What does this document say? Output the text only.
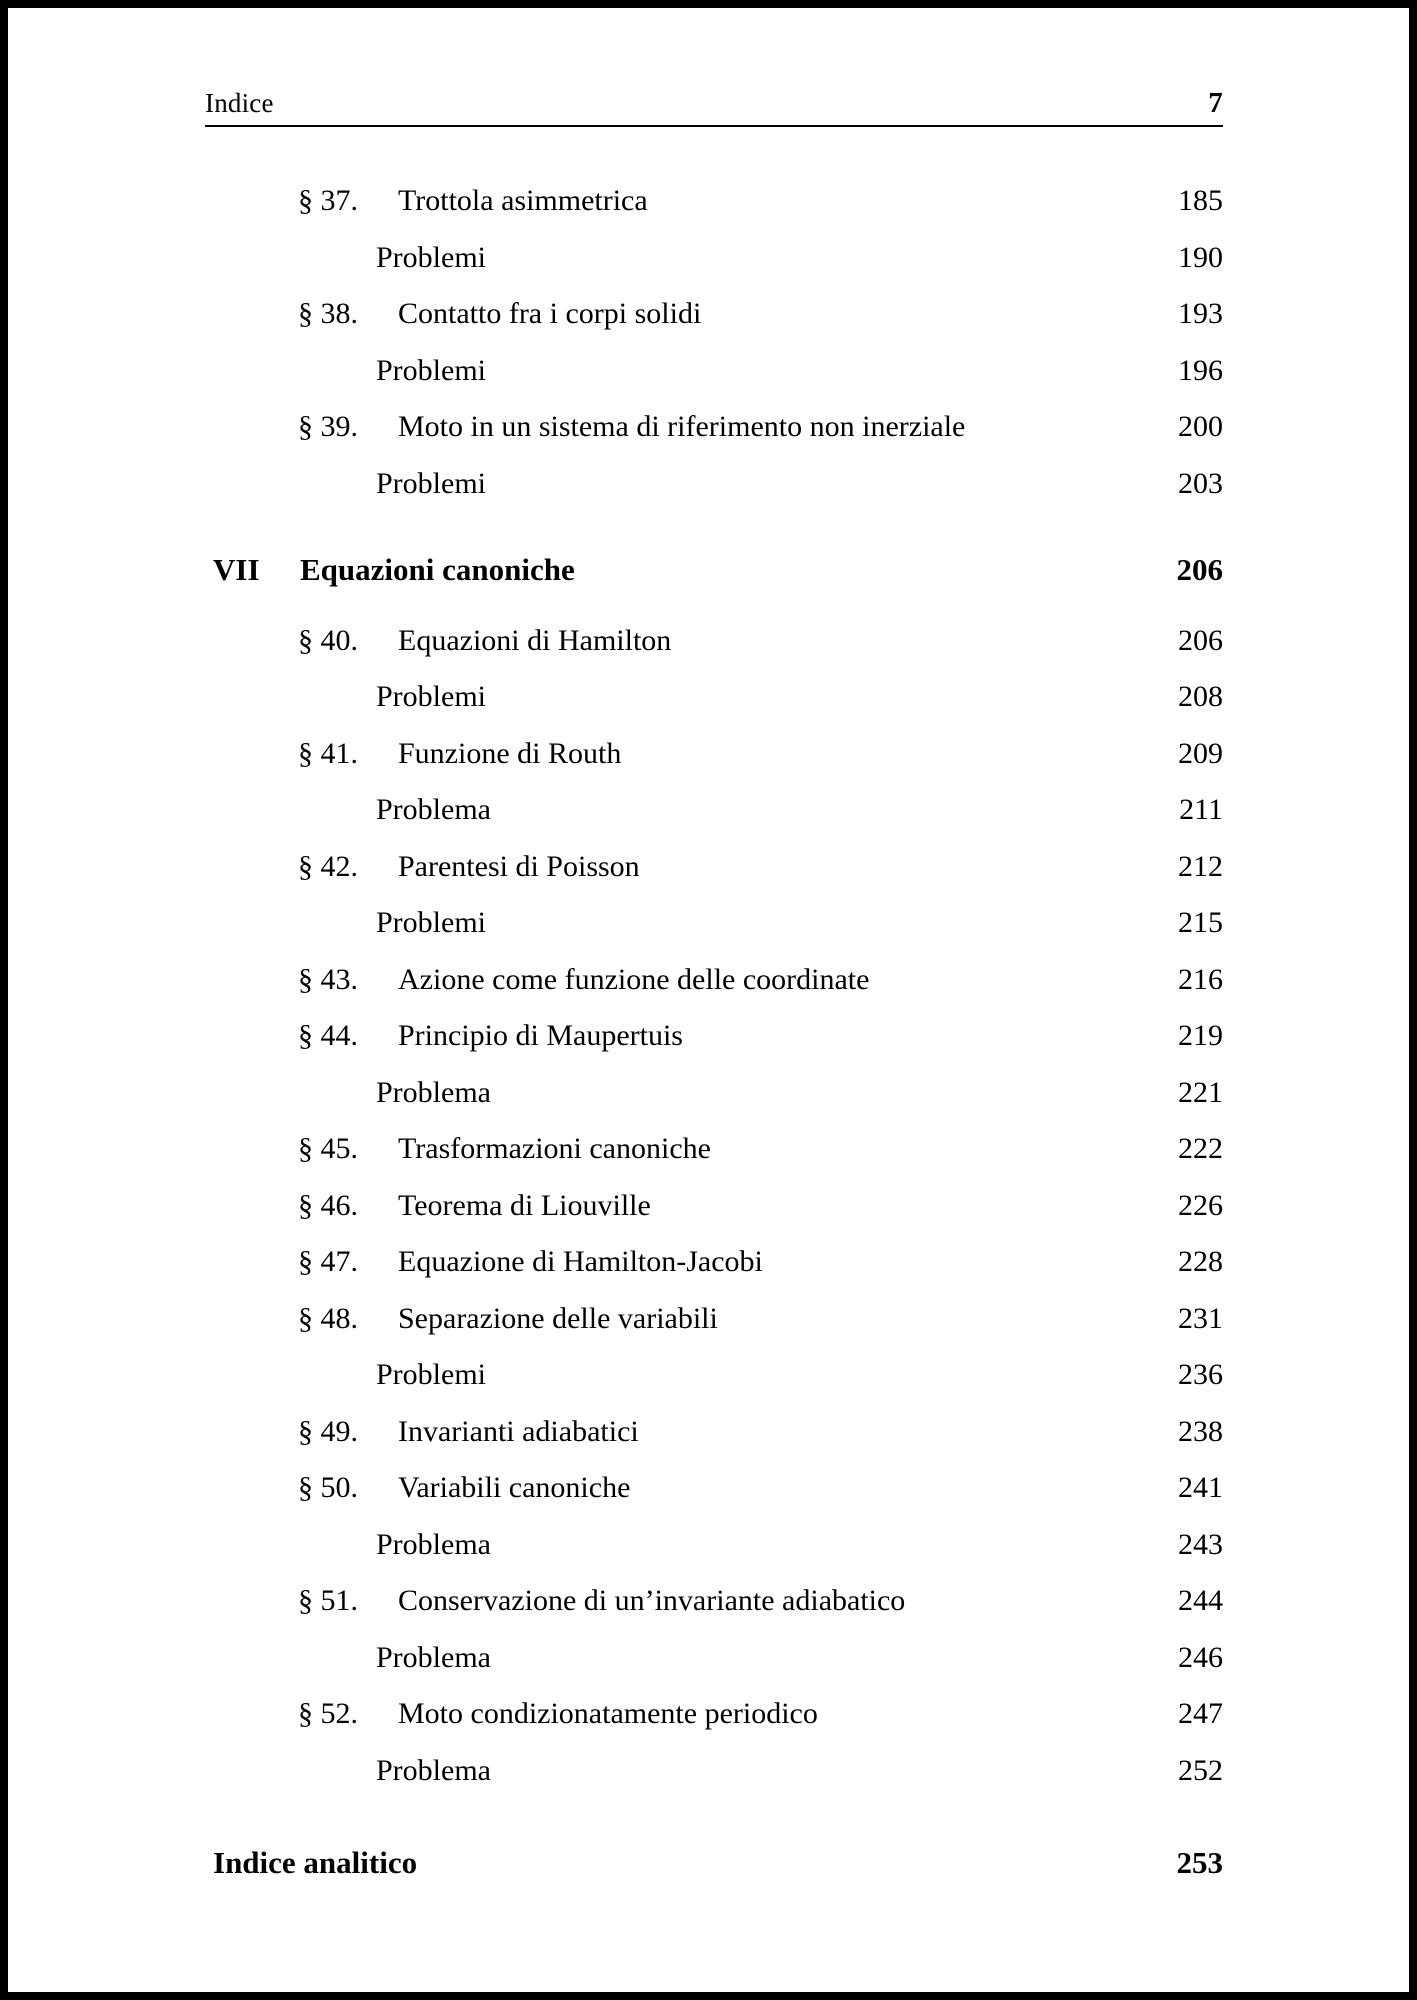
Indice	7
§ 37.	Trottola asimmetrica . . .	185
Problemi . . .	190
§ 38.	Contatto fra i corpi solidi . . .	193
Problemi . . .	196
§ 39.	Moto in un sistema di riferimento non inerziale . . .	200
Problemi . . .	203
VII	Equazioni canoniche	206
§ 40.	Equazioni di Hamilton . . .	206
Problemi . . .	208
§ 41.	Funzione di Routh . . .	209
Problema . . .	211
§ 42.	Parentesi di Poisson . . .	212
Problemi . . .	215
§ 43.	Azione come funzione delle coordinate . . .	216
§ 44.	Principio di Maupertuis . . .	219
Problema . . .	221
§ 45.	Trasformazioni canoniche . . .	222
§ 46.	Teorema di Liouville . . .	226
§ 47.	Equazione di Hamilton-Jacobi . . .	228
§ 48.	Separazione delle variabili . . .	231
Problemi . . .	236
§ 49.	Invarianti adiabatici . . .	238
§ 50.	Variabili canoniche . . .	241
Problema . . .	243
§ 51.	Conservazione di un’invariante adiabatico . . .	244
Problema . . .	246
§ 52.	Moto condizionatamente periodico . . .	247
Problema . . .	252
Indice analitico	253
